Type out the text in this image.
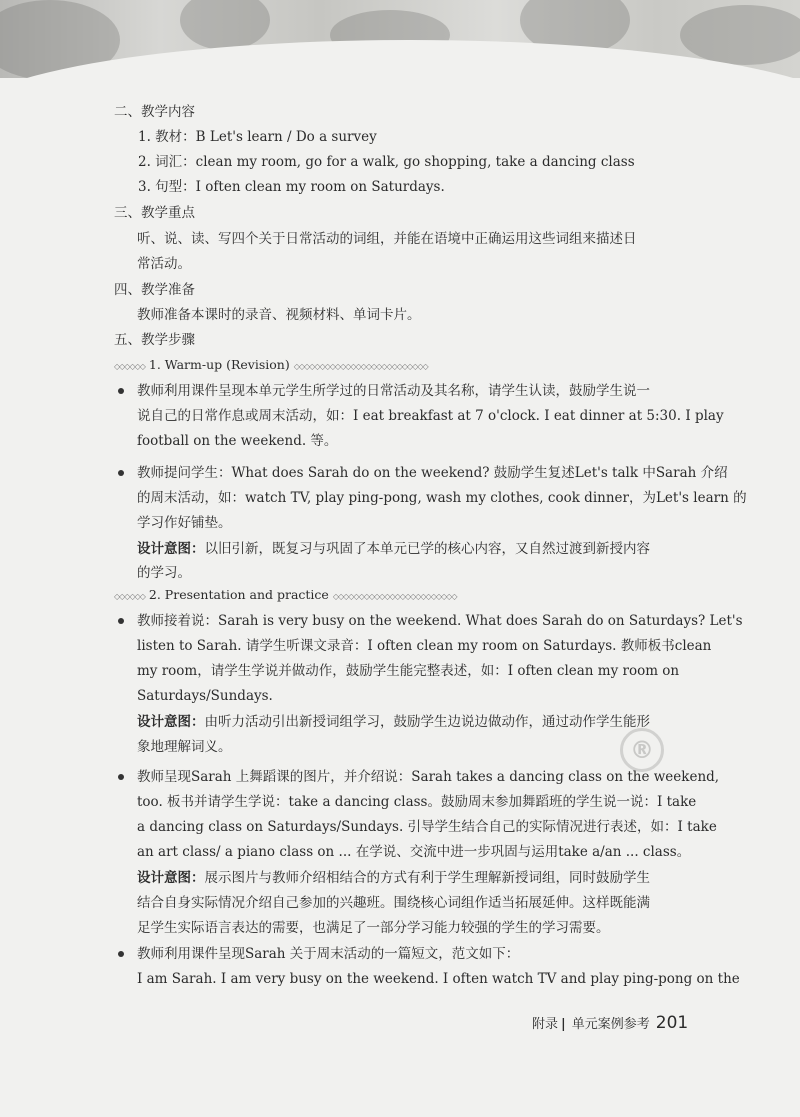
®
二、教学内容
1. 教材：B Let's learn / Do a survey
2. 词汇：clean my room, go for a walk, go shopping, take a dancing class
3. 句型：I often clean my room on Saturdays.
三、教学重点
听、说、读、写四个关于日常活动的词组，并能在语境中正确运用这些词组来描述日
常活动。
四、教学准备
教师准备本课时的录音、视频材料、单词卡片。
五、教学步骤
◇◇◇◇◇◇ 1. Warm-up (Revision) ◇◇◇◇◇◇◇◇◇◇◇◇◇◇◇◇◇◇◇◇◇◇◇◇◇◇
教师利用课件呈现本单元学生所学过的日常活动及其名称，请学生认读，鼓励学生说一
说自己的日常作息或周末活动，如：I eat breakfast at 7 o'clock. I eat dinner at 5:30. I play
football on the weekend. 等。
教师提问学生：What does Sarah do on the weekend? 鼓励学生复述Let's talk 中Sarah 介绍
的周末活动，如：watch TV, play ping-pong, wash my clothes, cook dinner，为Let's learn 的
学习作好铺垫。
设计意图：以旧引新，既复习与巩固了本单元已学的核心内容，又自然过渡到新授内容
的学习。
◇◇◇◇◇◇ 2. Presentation and practice ◇◇◇◇◇◇◇◇◇◇◇◇◇◇◇◇◇◇◇◇◇◇◇◇
教师接着说：Sarah is very busy on the weekend. What does Sarah do on Saturdays? Let's
listen to Sarah. 请学生听课文录音：I often clean my room on Saturdays. 教师板书clean
my room，请学生学说并做动作，鼓励学生能完整表述，如：I often clean my room on
Saturdays/Sundays.
设计意图：由听力活动引出新授词组学习，鼓励学生边说边做动作，通过动作学生能形
象地理解词义。
教师呈现Sarah 上舞蹈课的图片，并介绍说：Sarah takes a dancing class on the weekend,
too. 板书并请学生学说：take a dancing class。鼓励周末参加舞蹈班的学生说一说：I take
a dancing class on Saturdays/Sundays. 引导学生结合自己的实际情况进行表述，如：I take
an art class/ a piano class on ... 在学说、交流中进一步巩固与运用take a/an ... class。
设计意图：展示图片与教师介绍相结合的方式有利于学生理解新授词组，同时鼓励学生
结合自身实际情况介绍自己参加的兴趣班。围绕核心词组作适当拓展延伸。这样既能满
足学生实际语言表达的需要，也满足了一部分学习能力较强的学生的学习需要。
教师利用课件呈现Sarah 关于周末活动的一篇短文，范文如下：
I am Sarah. I am very busy on the weekend. I often watch TV and play ping-pong on the
附录 | 单元案例参考 201
